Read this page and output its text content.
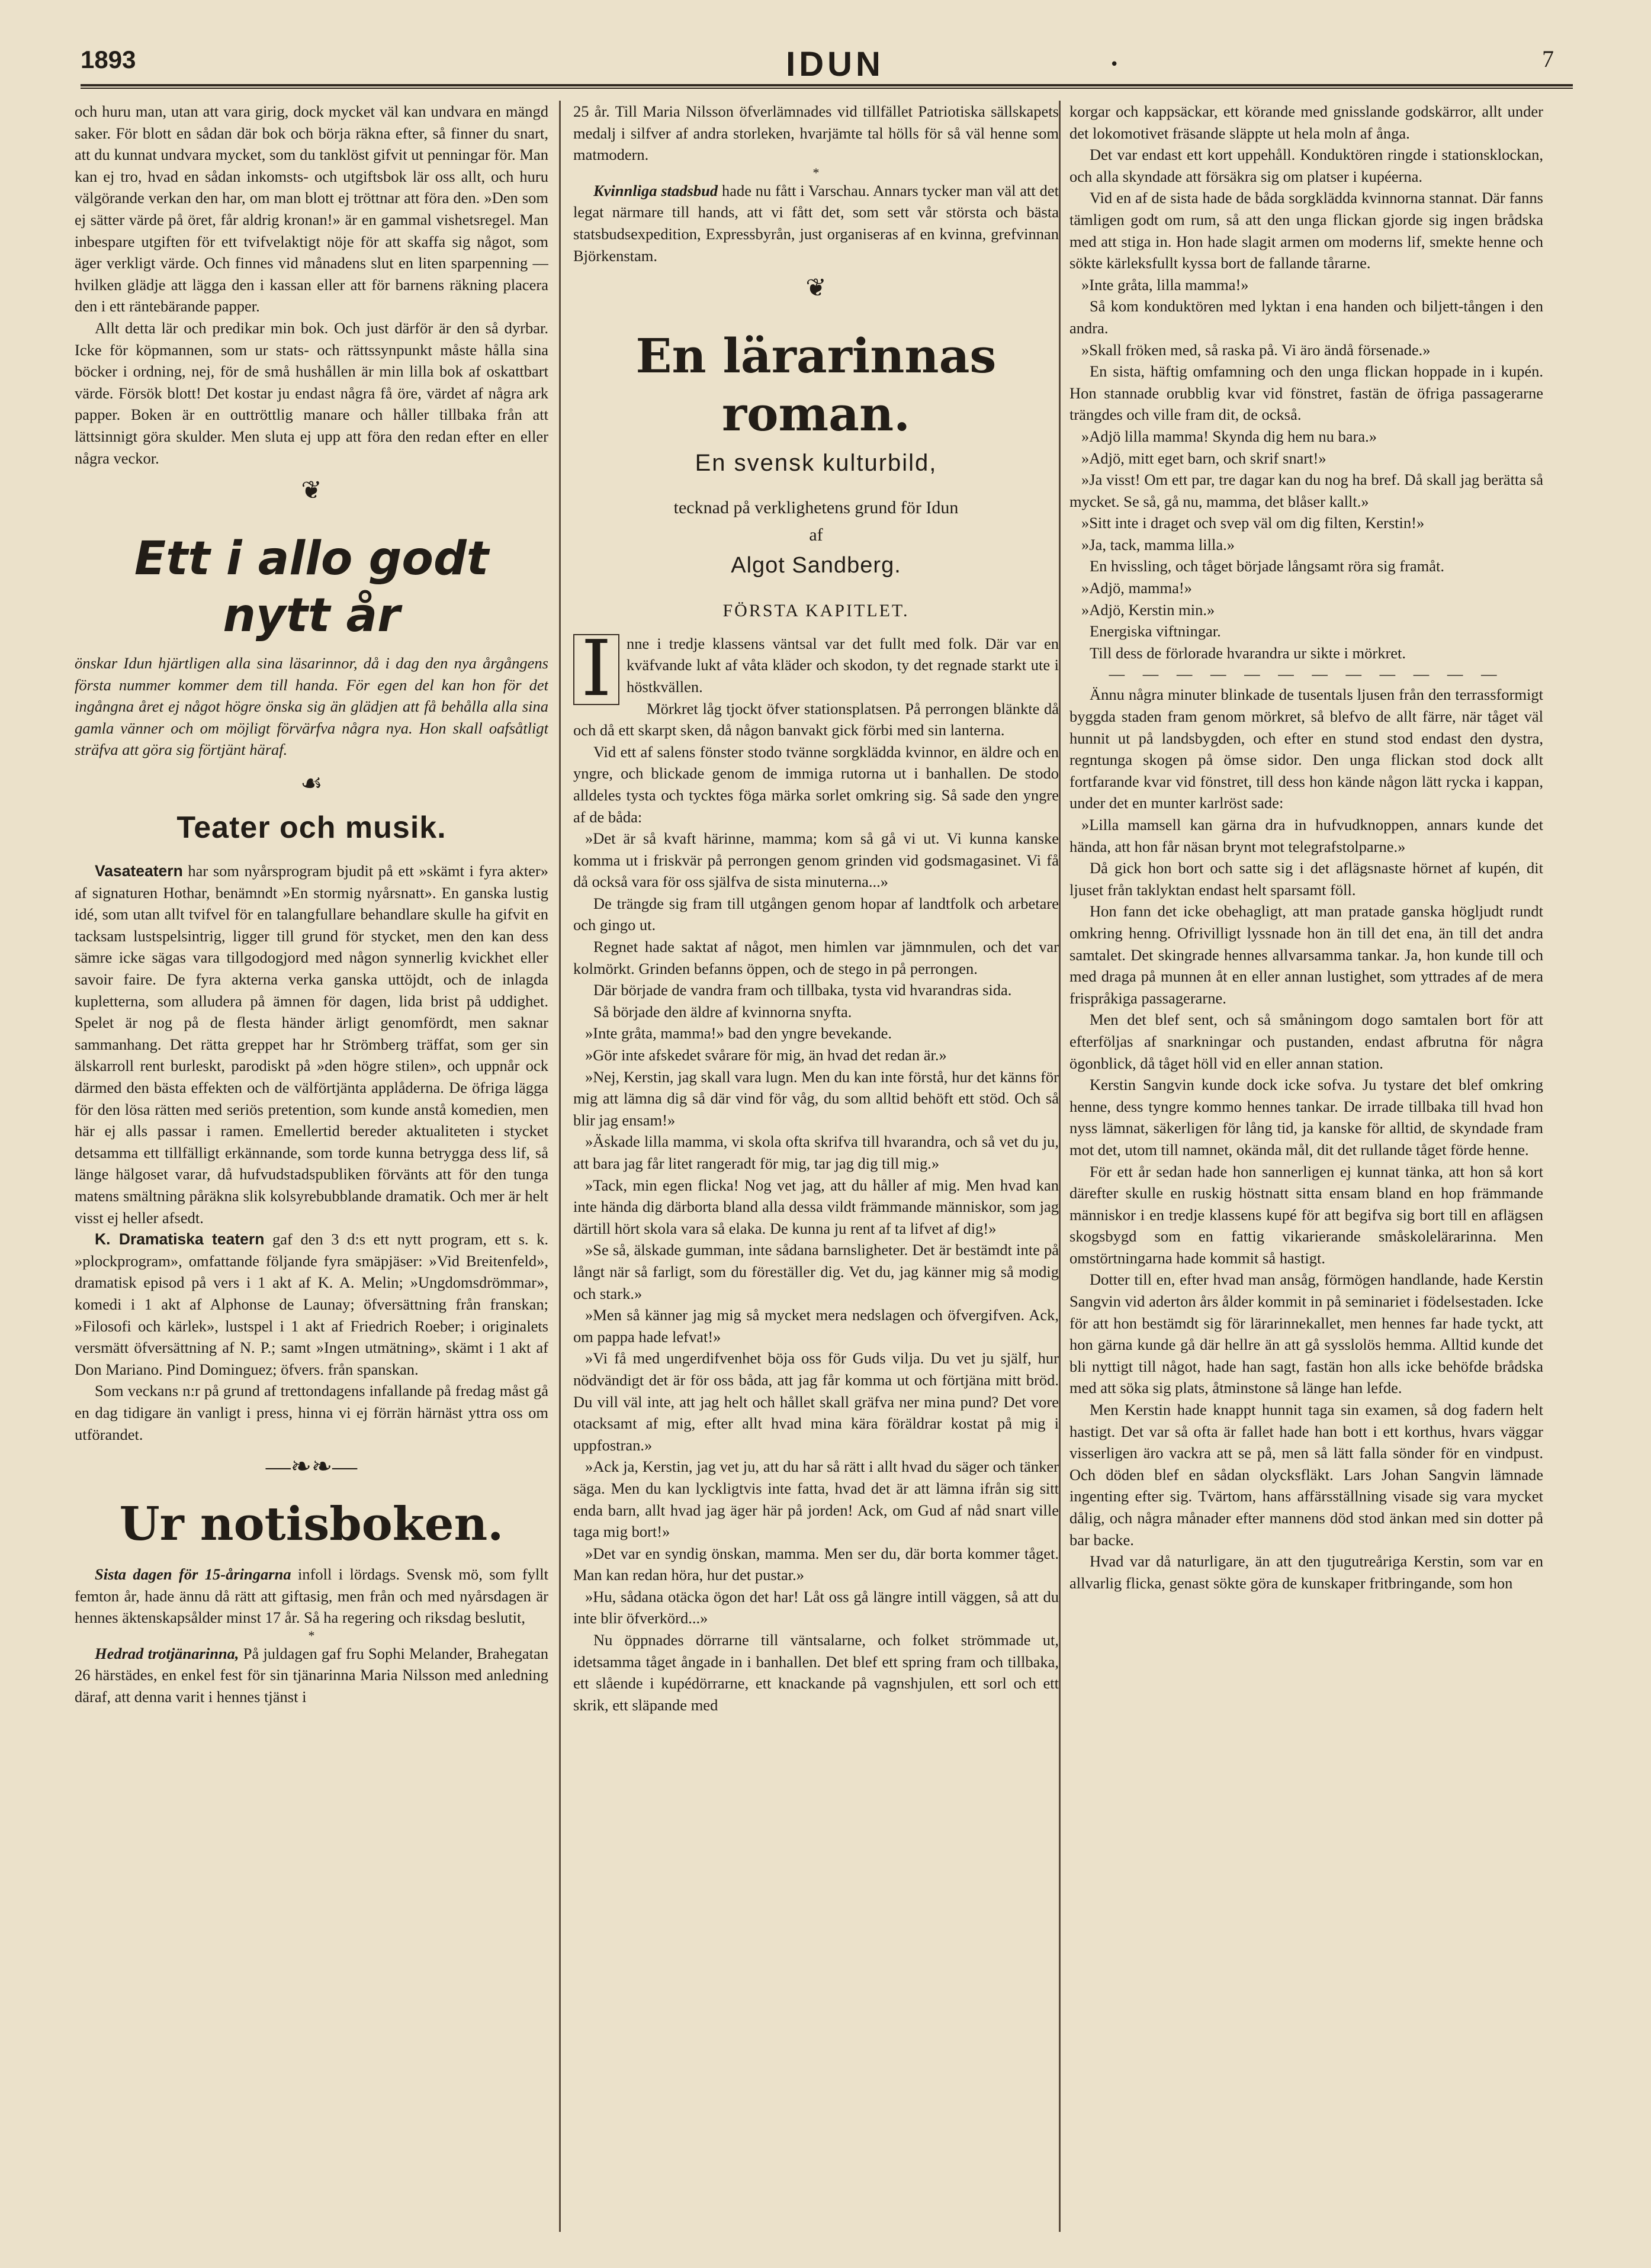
1893	IDUN	•	7

och huru man, utan att vara girig, dock mycket väl kan undvara en mängd saker. För blott en sådan där bok och börja räkna efter, så finner du snart, att du kunnat undvara mycket, som du tanklöst gifvit ut penningar för. Man kan ej tro, hvad en sådan inkomsts- och utgiftsbok lär oss allt, och huru välgörande verkan den har, om man blott ej tröttnar att föra den. »Den som ej sätter värde på öret, får aldrig kronan!» är en gammal vishetsregel. Man inbespare utgiften för ett tvifvelaktigt nöje för att skaffa sig något, som äger verkligt värde. Och finnes vid månadens slut en liten sparpenning — hvilken glädje att lägga den i kassan eller att för barnens räkning placera den i ett räntebärande papper.

Allt detta lär och predikar min bok. Och just därför är den så dyrbar. Icke för köpmannen, som ur stats- och rättssynpunkt måste hålla sina böcker i ordning, nej, för de små hushållen är min lilla bok af oskattbart värde. Försök blott! Det kostar ju endast några få öre, värdet af några ark papper. Boken är en outtröttlig manare och håller tillbaka från att lättsinnigt göra skulder. Men sluta ej upp att föra den redan efter en eller några veckor.

❦
Ett i allo godt nytt år

önskar Idun hjärtligen alla sina läsarinnor, då i dag den nya årgångens första nummer kommer dem till handa. För egen del kan hon för det ingångna året ej något högre önska sig än glädjen att få behålla alla sina gamla vänner och om möjligt förvärfva några nya. Hon skall oafsåtligt sträfva att göra sig förtjänt häraf.

☙
Teater och musik.

Vasateatern har som nyårsprogram bjudit på ett »skämt i fyra akter» af signaturen Hothar, benämndt »En stormig nyårsnatt». En ganska lustig idé, som utan allt tvifvel för en talangfullare behandlare skulle ha gifvit en tacksam lustspelsintrig, ligger till grund för stycket, men den kan dess sämre icke sägas vara tillgodogjord med någon synnerlig kvickhet eller savoir faire. De fyra akterna verka ganska uttöjdt, och de inlagda kupletterna, som alludera på ämnen för dagen, lida brist på uddighet. Spelet är nog på de flesta händer ärligt genomfördt, men saknar sammanhang. Det rätta greppet har hr Strömberg träffat, som ger sin älskarroll rent burleskt, parodiskt på »den högre stilen», och uppnår ock därmed den bästa effekten och de välförtjänta applåderna. De öfriga lägga för den lösa rätten med seriös pretention, som kunde anstå komedien, men här ej alls passar i ramen. Emellertid bereder aktualiteten i stycket detsamma ett tillfälligt erkännande, som torde kunna betrygga dess lif, så länge hälgoset varar, då hufvudstadspubliken förvänts att för den tunga matens smältning påräkna slik kolsyrebubblande dramatik. Och mer är helt visst ej heller afsedt.

K. Dramatiska teatern gaf den 3 d:s ett nytt program, ett s. k. »plockprogram», omfattande följande fyra smäpjäser: »Vid Breitenfeld», dramatisk episod på vers i 1 akt af K. A. Melin; »Ungdomsdrömmar», komedi i 1 akt af Alphonse de Launay; öfversättning från franskan; »Filosofi och kärlek», lustspel i 1 akt af Friedrich Roeber; i originalets versmätt öfversättning af N. P.; samt »Ingen utmätning», skämt i 1 akt af Don Mariano. Pind Dominguez; öfvers. från spanskan.

Som veckans n:r på grund af trettondagens infallande på fredag måst gå en dag tidigare än vanligt i press, hinna vi ej förrän härnäst yttra oss om utförandet.

—❧❧—
Ur notisboken.

Sista dagen för 15-åringarna infoll i lördags. Svensk mö, som fyllt femton år, hade ännu då rätt att giftasig, men från och med nyårsdagen är hennes äktenskapsålder minst 17 år. Så ha regering och riksdag beslutit,

*

Hedrad trotjänarinna, På juldagen gaf fru Sophi Melander, Brahegatan 26 härstädes, en enkel fest för sin tjänarinna Maria Nilsson med anledning däraf, att denna varit i hennes tjänst i

25 år. Till Maria Nilsson öfverlämnades vid tillfället Patriotiska sällskapets medalj i silfver af andra storleken, hvarjämte tal hölls för så väl henne som matmodern.

*

Kvinnliga stadsbud hade nu fått i Varschau. Annars tycker man väl att det legat närmare till hands, att vi fått det, som sett vår största och bästa statsbudsexpedition, Expressbyrån, just organiseras af en kvinna, grefvinnan Björkenstam.

❦
En lärarinnas roman.
En svensk kulturbild,
tecknad på verklighetens grund för Idun
af
Algot Sandberg.
FÖRSTA KAPITLET.

I nne i tredje klassens väntsal var det fullt med folk. Där var en kväfvande lukt af våta kläder och skodon, ty det regnade starkt ute i höstkvällen.

Mörkret låg tjockt öfver stationsplatsen. På perrongen blänkte då och då ett skarpt sken, då någon banvakt gick förbi med sin lanterna.

Vid ett af salens fönster stodo tvänne sorgklädda kvinnor, en äldre och en yngre, och blickade genom de immiga rutorna ut i banhallen. De stodo alldeles tysta och tycktes föga märka sorlet omkring sig. Så sade den yngre af de båda:

»Det är så kvaft härinne, mamma; kom så gå vi ut. Vi kunna kanske komma ut i friskvär på perrongen genom grinden vid godsmagasinet. Vi få då också vara för oss själfva de sista minuterna...»

De trängde sig fram till utgången genom hopar af landtfolk och arbetare och gingo ut.

Regnet hade saktat af något, men himlen var jämnmulen, och det var kolmörkt. Grinden befanns öppen, och de stego in på perrongen.

Där började de vandra fram och tillbaka, tysta vid hvarandras sida.

Så började den äldre af kvinnorna snyfta.

»Inte gråta, mamma!» bad den yngre bevekande.

»Gör inte afskedet svårare för mig, än hvad det redan är.»

»Nej, Kerstin, jag skall vara lugn. Men du kan inte förstå, hur det känns för mig att lämna dig så där vind för våg, du som alltid behöft ett stöd. Och så blir jag ensam!»

»Äskade lilla mamma, vi skola ofta skrifva till hvarandra, och så vet du ju, att bara jag får litet rangeradt för mig, tar jag dig till mig.»

»Tack, min egen flicka! Nog vet jag, att du håller af mig. Men hvad kan inte hända dig därborta bland alla dessa vildt främmande människor, som jag därtill hört skola vara så elaka. De kunna ju rent af ta lifvet af dig!»

»Se så, älskade gumman, inte sådana barnsligheter. Det är bestämdt inte på långt när så farligt, som du föreställer dig. Vet du, jag känner mig så modig och stark.»

»Men så känner jag mig så mycket mera nedslagen och öfvergifven. Ack, om pappa hade lefvat!»

»Vi få med ungerdifvenhet böja oss för Guds vilja. Du vet ju själf, hur nödvändigt det är för oss båda, att jag får komma ut och förtjäna mitt bröd. Du vill väl inte, att jag helt och hållet skall gräfva ner mina pund? Det vore otacksamt af mig, efter allt hvad mina kära föräldrar kostat på mig i uppfostran.»

»Ack ja, Kerstin, jag vet ju, att du har så rätt i allt hvad du säger och tänker säga. Men du kan lyckligtvis inte fatta, hvad det är att lämna ifrån sig sitt enda barn, allt hvad jag äger här på jorden! Ack, om Gud af nåd snart ville taga mig bort!»

»Det var en syndig önskan, mamma. Men ser du, där borta kommer tåget. Man kan redan höra, hur det pustar.»

»Hu, sådana otäcka ögon det har! Låt oss gå längre intill väggen, så att du inte blir öfverkörd...»

Nu öppnades dörrarne till väntsalarne, och folket strömmade ut, idetsamma tåget ångade in i banhallen. Det blef ett spring fram och tillbaka, ett slående i kupédörrarne, ett knackande på vagnshjulen, ett sorl och ett skrik, ett släpande med

korgar och kappsäckar, ett körande med gnisslande godskärror, allt under det lokomotivet fräsande släppte ut hela moln af ånga.

Det var endast ett kort uppehåll. Konduktören ringde i stationsklockan, och alla skyndade att försäkra sig om platser i kupéerna.

Vid en af de sista hade de båda sorgklädda kvinnorna stannat. Där fanns tämligen godt om rum, så att den unga flickan gjorde sig ingen brådska med att stiga in. Hon hade slagit armen om moderns lif, smekte henne och sökte kärleksfullt kyssa bort de fallande tårarne.

»Inte gråta, lilla mamma!»

Så kom konduktören med lyktan i ena handen och biljett-tången i den andra.

»Skall fröken med, så raska på. Vi äro ändå försenade.»

En sista, häftig omfamning och den unga flickan hoppade in i kupén. Hon stannade orubblig kvar vid fönstret, fastän de öfriga passagerarne trängdes och ville fram dit, de också.

»Adjö lilla mamma! Skynda dig hem nu bara.»

»Adjö, mitt eget barn, och skrif snart!»

»Ja visst! Om ett par, tre dagar kan du nog ha bref. Då skall jag berätta så mycket. Se så, gå nu, mamma, det blåser kallt.»

»Sitt inte i draget och svep väl om dig filten, Kerstin!»

»Ja, tack, mamma lilla.»

En hvissling, och tåget började långsamt röra sig framåt.

»Adjö, mamma!»

»Adjö, Kerstin min.»

Energiska viftningar.

Till dess de förlorade hvarandra ur sikte i mörkret.

— — — — — — — — — — — —

Ännu några minuter blinkade de tusentals ljusen från den terrassformigt byggda staden fram genom mörkret, så blefvo de allt färre, när tåget väl hunnit ut på landsbygden, och efter en stund stod endast den dystra, regntunga skogen på ömse sidor. Den unga flickan stod dock allt fortfarande kvar vid fönstret, till dess hon kände någon lätt rycka i kappan, under det en munter karlröst sade:

»Lilla mamsell kan gärna dra in hufvudknoppen, annars kunde det hända, att hon får näsan brynt mot telegrafstolparne.»

Då gick hon bort och satte sig i det aflägsnaste hörnet af kupén, dit ljuset från taklyktan endast helt sparsamt föll.

Hon fann det icke obehagligt, att man pratade ganska högljudt rundt omkring henng. Ofrivilligt lyssnade hon än till det ena, än till det andra samtalet. Det skingrade hennes allvarsamma tankar. Ja, hon kunde till och med draga på munnen åt en eller annan lustighet, som yttrades af de mera frispråkiga passagerarne.

Men det blef sent, och så småningom dogo samtalen bort för att efterföljas af snarkningar och pustanden, endast afbrutna för några ögonblick, då tåget höll vid en eller annan station.

Kerstin Sangvin kunde dock icke sofva. Ju tystare det blef omkring henne, dess tyngre kommo hennes tankar. De irrade tillbaka till hvad hon nyss lämnat, säkerligen för lång tid, ja kanske för alltid, de skyndade fram mot det, utom till namnet, okända mål, dit det rullande tåget förde henne.

För ett år sedan hade hon sannerligen ej kunnat tänka, att hon så kort därefter skulle en ruskig höstnatt sitta ensam bland en hop främmande människor i en tredje klassens kupé för att begifva sig bort till en aflägsen skogsbygd som en fattig vikarierande småskolelärarinna. Men omstörtningarna hade kommit så hastigt.

Dotter till en, efter hvad man ansåg, förmögen handlande, hade Kerstin Sangvin vid aderton års ålder kommit in på seminariet i födelsestaden. Icke för att hon bestämdt sig för lärarinnekallet, men hennes far hade tyckt, att hon gärna kunde gå där hellre än att gå sysslolös hemma. Alltid kunde det bli nyttigt till något, hade han sagt, fastän hon alls icke behöfde brådska med att söka sig plats, åtminstone så länge han lefde.

Men Kerstin hade knappt hunnit taga sin examen, så dog fadern helt hastigt. Det var så ofta är fallet hade han bott i ett korthus, hvars väggar visserligen äro vackra att se på, men så lätt falla sönder för en vindpust. Och döden blef en sådan olycksfläkt. Lars Johan Sangvin lämnade ingenting efter sig. Tvärtom, hans affärsställning visade sig vara mycket dålig, och några månader efter mannens död stod änkan med sin dotter på bar backe.

Hvad var då naturligare, än att den tjugutreåriga Kerstin, som var en allvarlig flicka, genast sökte göra de kunskaper fritbringande, som hon
